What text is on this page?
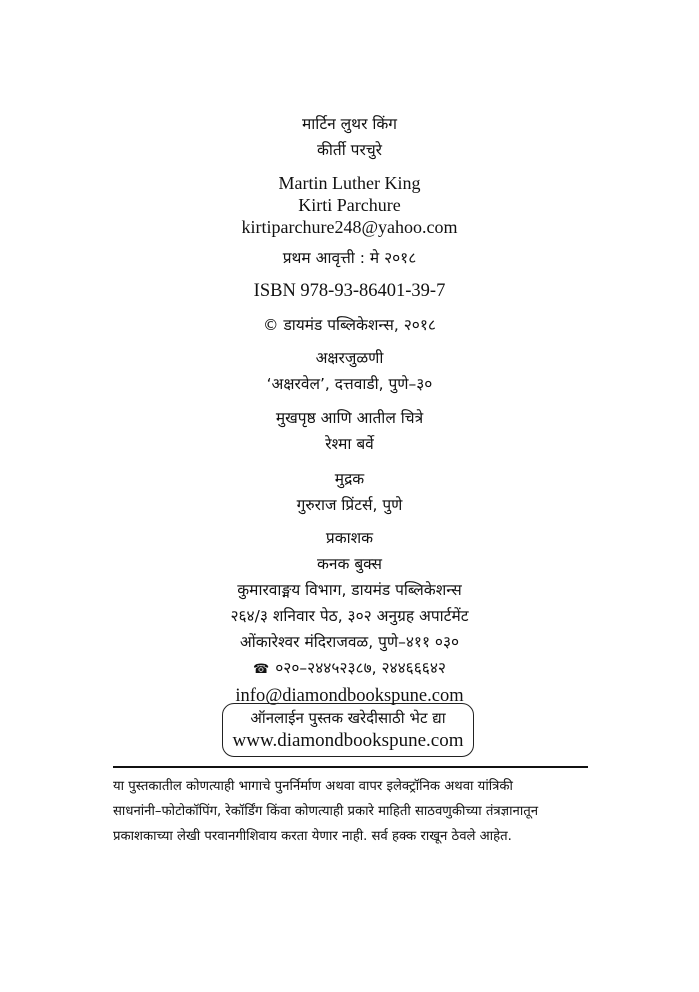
मार्टिन लुथर किंग
कीर्ती परचुरे
Martin Luther King
Kirti Parchure
kirtiparchure248@yahoo.com
प्रथम आवृत्ती : मे २०१८
ISBN 978-93-86401-39-7
© डायमंड पब्लिकेशन्स, २०१८
अक्षरजुळणी
‘अक्षरवेल’, दत्तवाडी, पुणे–३०
मुखपृष्ठ आणि आतील चित्रे
रेश्मा बर्वे
मुद्रक
गुरुराज प्रिंटर्स, पुणे
प्रकाशक
कनक बुक्स
कुमारवाङ्मय विभाग, डायमंड पब्लिकेशन्स
२६४/३ शनिवार पेठ, ३०२ अनुग्रह अपार्टमेंट
ओंकारेश्वर मंदिराजवळ, पुणे–४११ ०३०
☎ ०२०–२४४५२३८७, २४४६६६४२
info@diamondbookspune.com
ऑनलाईन पुस्तक खरेदीसाठी भेट द्या
www.diamondbookspune.com
या पुस्तकातील कोणत्याही भागाचे पुनर्निर्माण अथवा वापर इलेक्ट्रॉनिक अथवा यांत्रिकी
साधनांनी–फोटोकॉपिंग, रेकॉर्डिंग किंवा कोणत्याही प्रकारे माहिती साठवणुकीच्या तंत्रज्ञानातून
प्रकाशकाच्या लेखी परवानगीशिवाय करता येणार नाही. सर्व हक्क राखून ठेवले आहेत.
